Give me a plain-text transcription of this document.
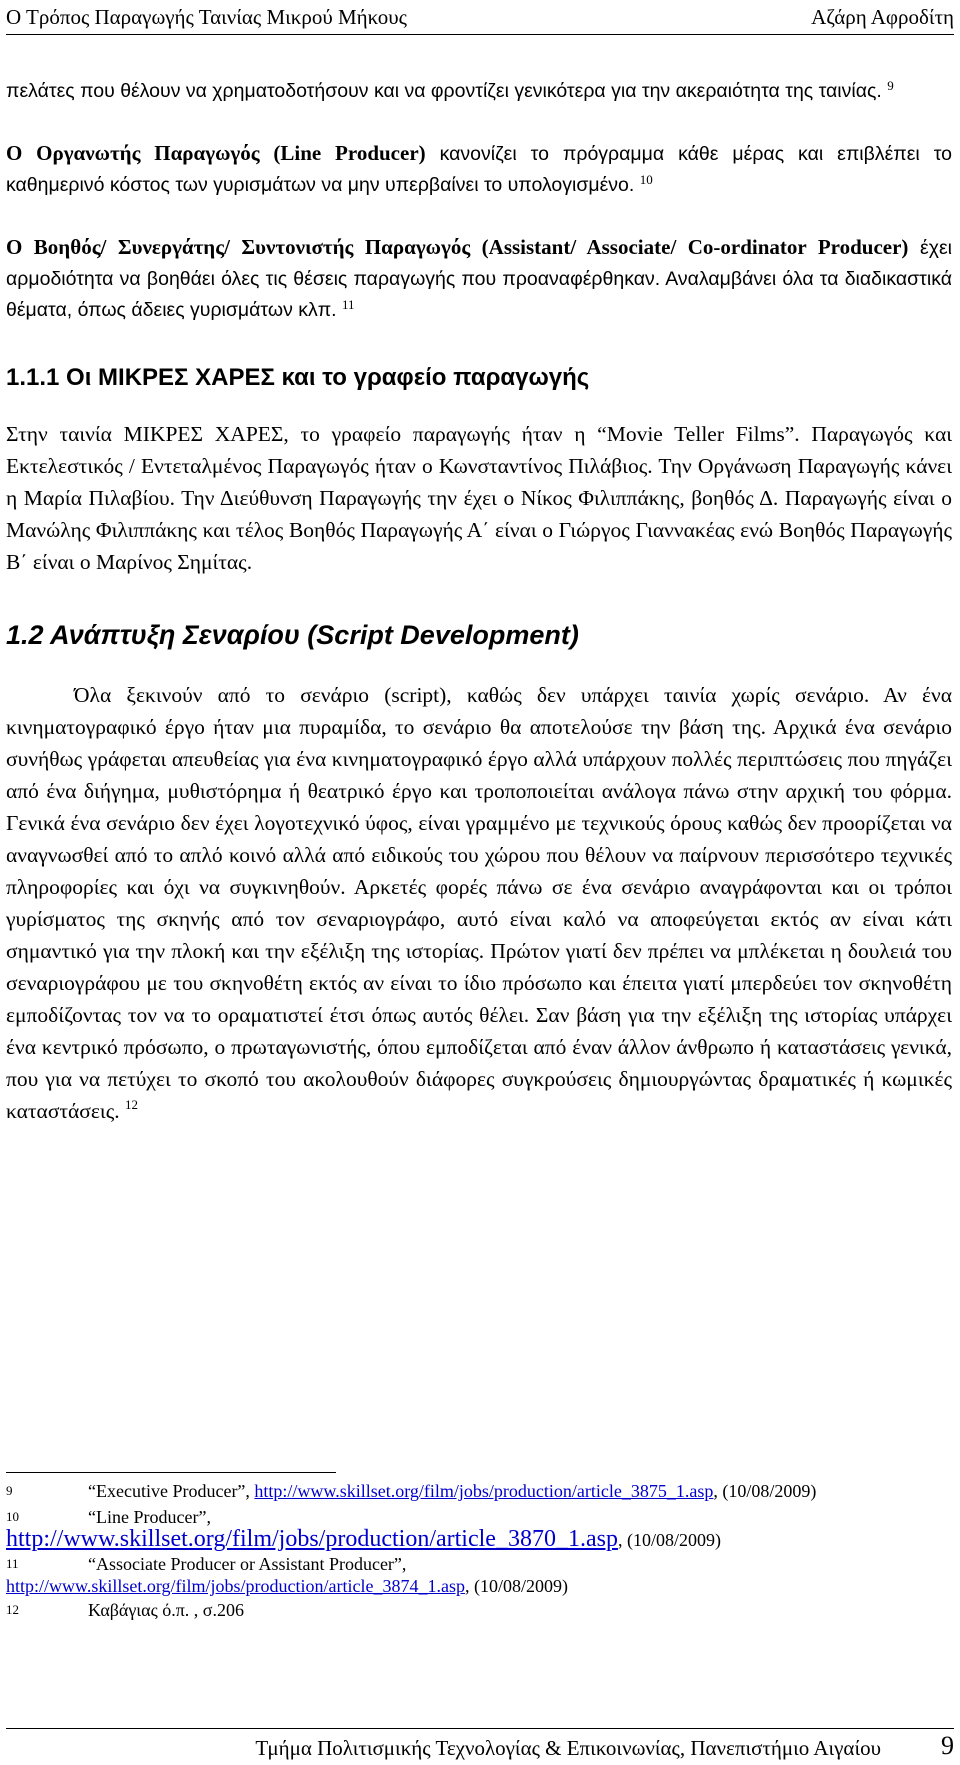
Ο Τρόπος Παραγωγής Ταινίας Μικρού Μήκους	Αζάρη Αφροδίτη

πελάτες που θέλουν να χρηματοδοτήσουν και να φροντίζει γενικότερα για την ακεραιότητα της ταινίας. $^9$

Ο Οργανωτής Παραγωγός (Line Producer) κανονίζει το πρόγραμμα κάθε μέρας και επιβλέπει το καθημερινό κόστος των γυρισμάτων να μην υπερβαίνει το υπολογισμένο. $^{10}$

Ο Βοηθός/ Συνεργάτης/ Συντονιστής Παραγωγός (Assistant/ Associate/ Co-ordinator Producer) έχει αρμοδιότητα να βοηθάει όλες τις θέσεις παραγωγής που προαναφέρθηκαν. Αναλαμβάνει όλα τα διαδικαστικά θέματα, όπως άδειες γυρισμάτων κλπ. $^{11}$

1.1.1 Οι ΜΙΚΡΕΣ ΧΑΡΕΣ και το γραφείο παραγωγής

Στην ταινία ΜΙΚΡΕΣ ΧΑΡΕΣ, το γραφείο παραγωγής ήταν η “Movie Teller Films”. Παραγωγός και Εκτελεστικός / Εντεταλμένος Παραγωγός ήταν ο Κωνσταντίνος Πιλάβιος. Την Οργάνωση Παραγωγής κάνει η Μαρία Πιλαβίου. Την Διεύθυνση Παραγωγής την έχει ο Νίκος Φιλιππάκης, βοηθός Δ. Παραγωγής είναι ο Μανώλης Φιλιππάκης και τέλος Βοηθός Παραγωγής Α΄ είναι ο Γιώργος Γιαννακέας ενώ Βοηθός Παραγωγής Β΄ είναι ο Μαρίνος Σημίτας.

1.2 Ανάπτυξη Σεναρίου (Script Development)

Όλα ξεκινούν από το σενάριο (script), καθώς δεν υπάρχει ταινία χωρίς σενάριο. Αν ένα κινηματογραφικό έργο ήταν μια πυραμίδα, το σενάριο θα αποτελούσε την βάση της. Αρχικά ένα σενάριο συνήθως γράφεται απευθείας για ένα κινηματογραφικό έργο αλλά υπάρχουν πολλές περιπτώσεις που πηγάζει από ένα διήγημα, μυθιστόρημα ή θεατρικό έργο και τροποποιείται ανάλογα πάνω στην αρχική του φόρμα. Γενικά ένα σενάριο δεν έχει λογοτεχνικό ύφος, είναι γραμμένο με τεχνικούς όρους καθώς δεν προορίζεται να αναγνωσθεί από το απλό κοινό αλλά από ειδικούς του χώρου που θέλουν να παίρνουν περισσότερο τεχνικές πληροφορίες και όχι να συγκινηθούν. Αρκετές φορές πάνω σε ένα σενάριο αναγράφονται και οι τρόποι γυρίσματος της σκηνής από τον σεναριογράφο, αυτό είναι καλό να αποφεύγεται εκτός αν είναι κάτι σημαντικό για την πλοκή και την εξέλιξη της ιστορίας. Πρώτον γιατί δεν πρέπει να μπλέκεται η δουλειά του σεναριογράφου με του σκηνοθέτη εκτός αν είναι το ίδιο πρόσωπο και έπειτα γιατί μπερδεύει τον σκηνοθέτη εμποδίζοντας τον να το οραματιστεί έτσι όπως αυτός θέλει. Σαν βάση για την εξέλιξη της ιστορίας υπάρχει ένα κεντρικό πρόσωπο, ο πρωταγωνιστής, όπου εμποδίζεται από έναν άλλον άνθρωπο ή καταστάσεις γενικά, που για να πετύχει το σκοπό του ακολουθούν διάφορες συγκρούσεις δημιουργώντας δραματικές ή κωμικές καταστάσεις. $^{12}$

9	“Executive Producer”, http://www.skillset.org/film/jobs/production/article_3875_1.asp, (10/08/2009)
10	“Line Producer”,
http://www.skillset.org/film/jobs/production/article_3870_1.asp, (10/08/2009)
11	“Associate Producer or Assistant Producer”,
http://www.skillset.org/film/jobs/production/article_3874_1.asp, (10/08/2009)
12	Καβάγιας ό.π. , σ.206
Τμήμα Πολιτισμικής Τεχνολογίας & Επικοινωνίας, Πανεπιστήμιο Αιγαίου 9
